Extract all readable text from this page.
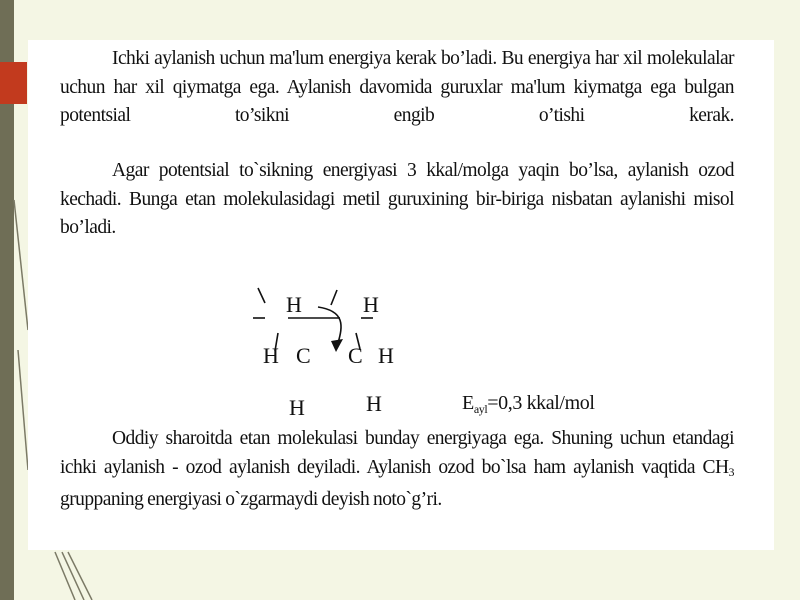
Ichki aylanish uchun ma'lum energiya kerak bo’ladi. Bu energiya har xil molekulalar uchun har xil qiymatga ega. Aylanish davomida guruxlar ma'lum kiymatga ega bulgan potentsial to’sikni engib o’tishi kerak.
Agar potentsial to`sikning energiyasi 3 kkal/molga yaqin bo’lsa, aylanish ozod kechadi. Bunga etan molekulasidagi metil guruxining bir-biriga nisbatan aylanishi misol bo’ladi.
H	H
H C C H
H	H	$E_{ayl}=0,3$ kkal/mol
Oddiy sharoitda etan molekulasi bunday energiyaga ega. Shuning uchun etandagi ichki aylanish - ozod aylanish deyiladi. Aylanish ozod bo`lsa ham aylanish vaqtida $CH_3$ gruppaning energiyasi o`zgarmaydi deyish noto`g’ri.
